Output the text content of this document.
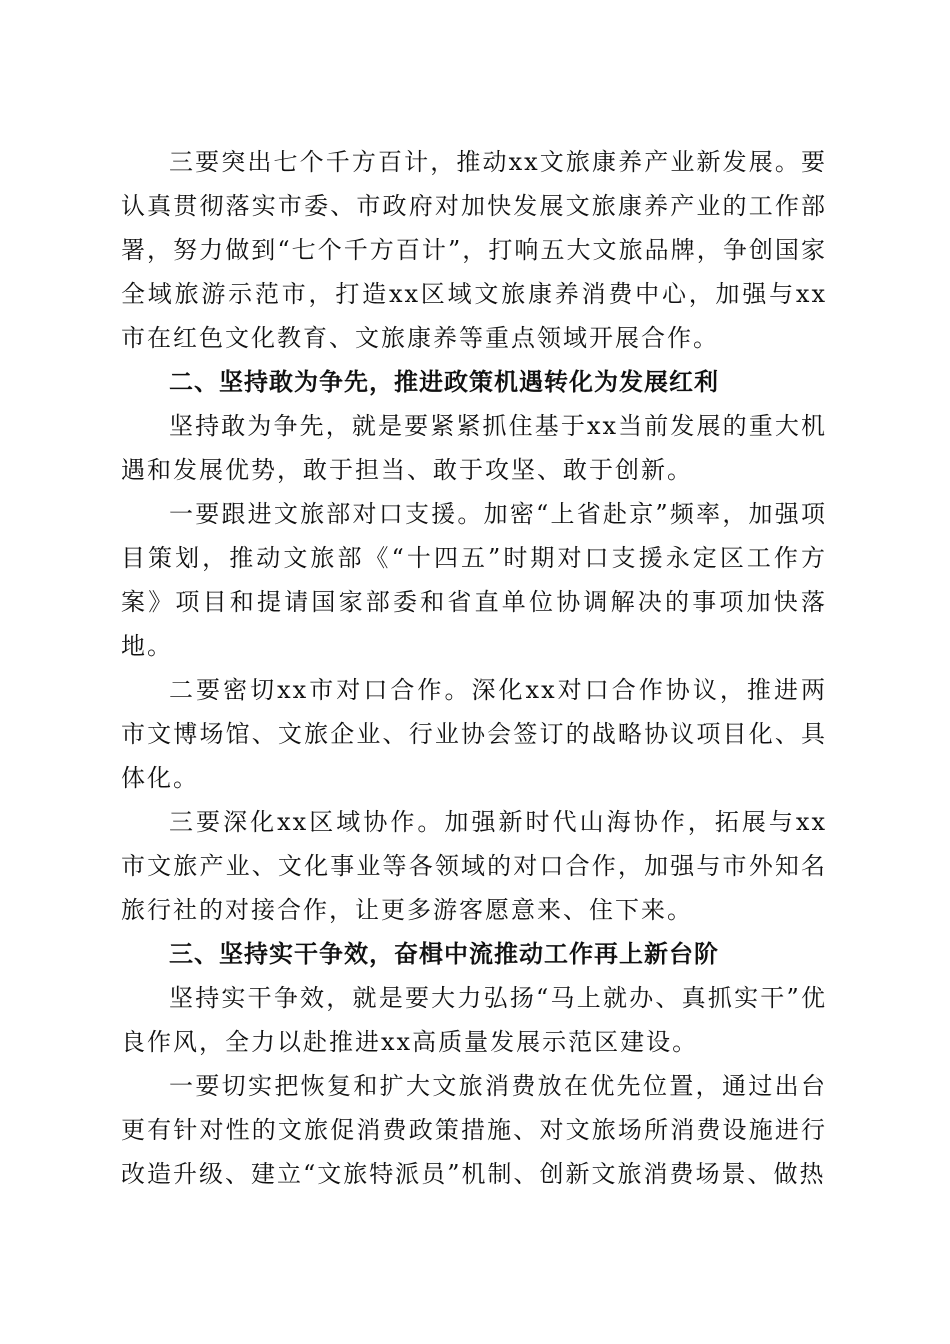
三要突出七个千方百计，推动xx文旅康养产业新发展。要认真贯彻落实市委、市政府对加快发展文旅康养产业的工作部署，努力做到“七个千方百计”，打响五大文旅品牌，争创国家全域旅游示范市，打造xx区域文旅康养消费中心，加强与xx市在红色文化教育、文旅康养等重点领域开展合作。

二、坚持敢为争先，推进政策机遇转化为发展红利

坚持敢为争先，就是要紧紧抓住基于xx当前发展的重大机遇和发展优势，敢于担当、敢于攻坚、敢于创新。

一要跟进文旅部对口支援。加密“上省赴京”频率，加强项目策划，推动文旅部《“十四五”时期对口支援永定区工作方案》项目和提请国家部委和省直单位协调解决的事项加快落地。

二要密切xx市对口合作。深化xx对口合作协议，推进两市文博场馆、文旅企业、行业协会签订的战略协议项目化、具体化。

三要深化xx区域协作。加强新时代山海协作，拓展与xx市文旅产业、文化事业等各领域的对口合作，加强与市外知名旅行社的对接合作，让更多游客愿意来、住下来。

三、坚持实干争效，奋楫中流推动工作再上新台阶

坚持实干争效，就是要大力弘扬“马上就办、真抓实干”优良作风，全力以赴推进xx高质量发展示范区建设。

一要切实把恢复和扩大文旅消费放在优先位置，通过出台更有针对性的文旅促消费政策措施、对文旅场所消费设施进行改造升级、建立“文旅特派员”机制、创新文旅消费场景、做热
